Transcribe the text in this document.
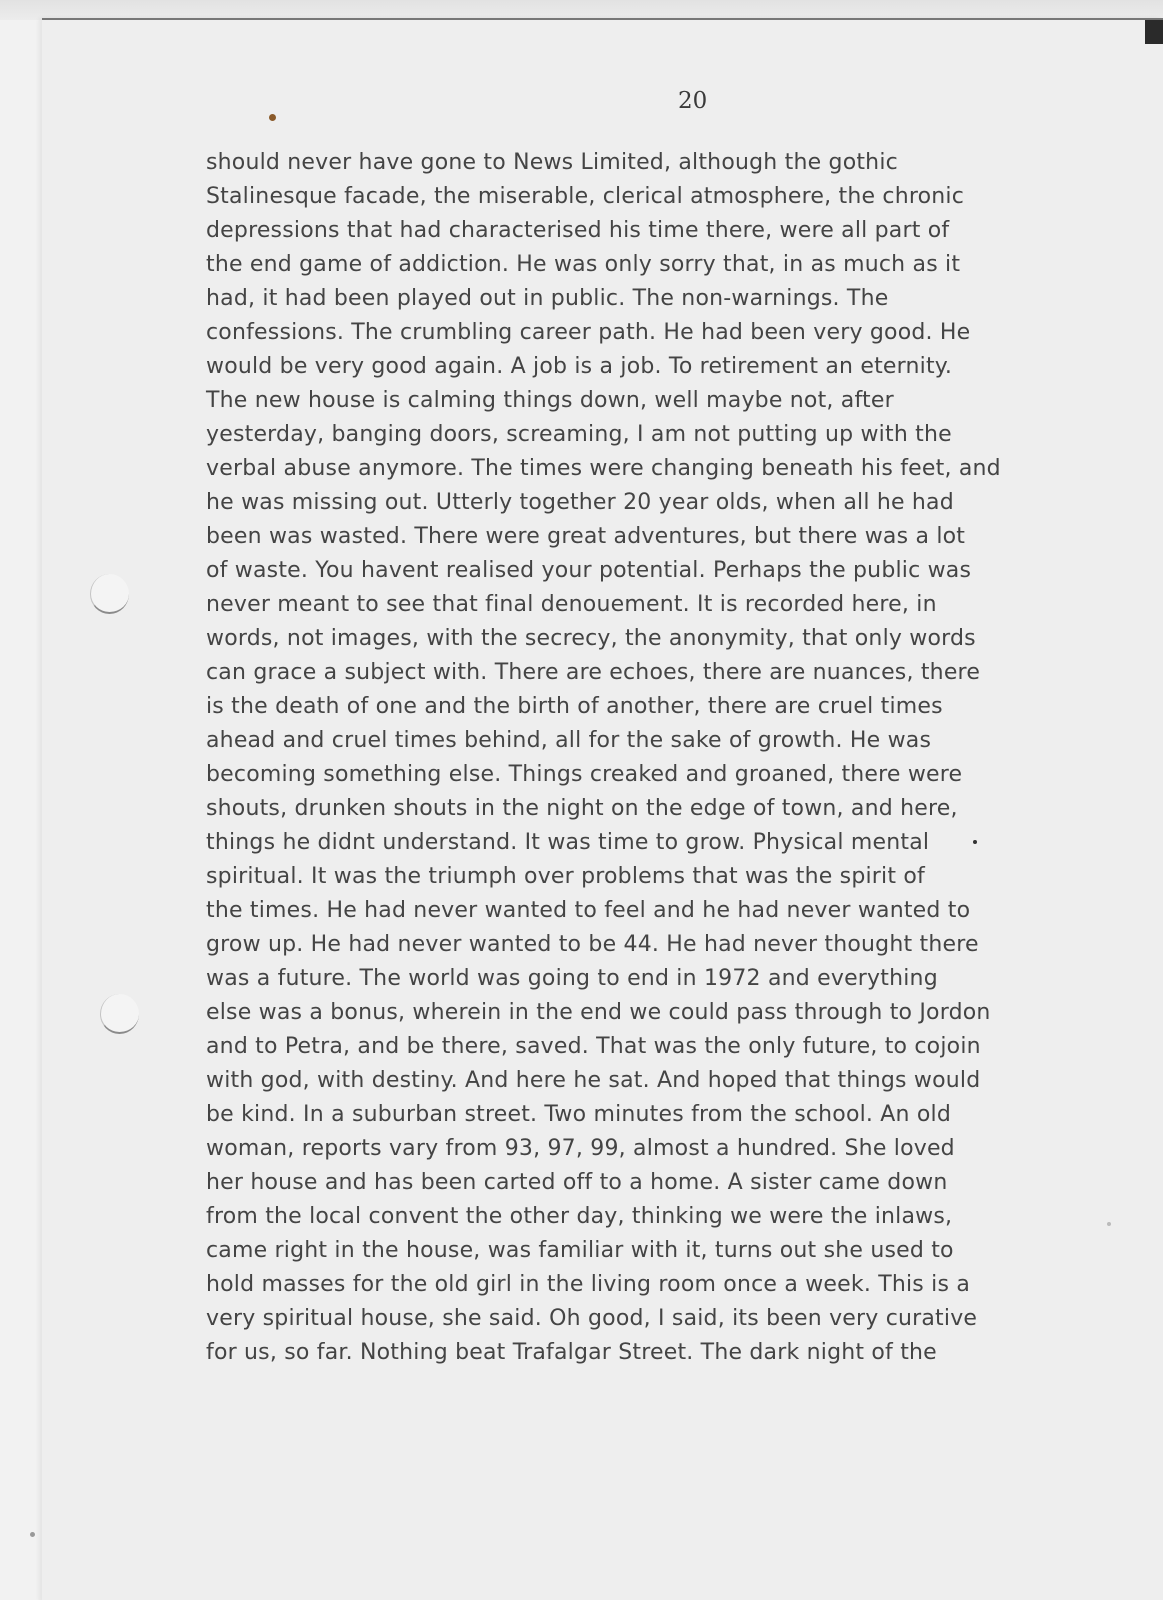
20
should never have gone to News Limited, although the gothic
Stalinesque facade, the miserable, clerical atmosphere, the chronic
depressions that had characterised his time there, were all part of
the end game of addiction. He was only sorry that, in as much as it
had, it had been played out in public. The non-warnings. The
confessions. The crumbling career path. He had been very good. He
would be very good again. A job is a job. To retirement an eternity.
The new house is calming things down, well maybe not, after
yesterday, banging doors, screaming, I am not putting up with the
verbal abuse anymore. The times were changing beneath his feet, and
he was missing out. Utterly together 20 year olds, when all he had
been was wasted. There were great adventures, but there was a lot
of waste. You havent realised your potential. Perhaps the public was
never meant to see that final denouement. It is recorded here, in
words, not images, with the secrecy, the anonymity, that only words
can grace a subject with. There are echoes, there are nuances, there
is the death of one and the birth of another, there are cruel times
ahead and cruel times behind, all for the sake of growth. He was
becoming something else. Things creaked and groaned, there were
shouts, drunken shouts in the night on the edge of town, and here,
things he didnt understand. It was time to grow. Physical mental
spiritual. It was the triumph over problems that was the spirit of
the times. He had never wanted to feel and he had never wanted to
grow up. He had never wanted to be 44. He had never thought there
was a future. The world was going to end in 1972 and everything
else was a bonus, wherein in the end we could pass through to Jordon
and to Petra, and be there, saved. That was the only future, to cojoin
with god, with destiny. And here he sat. And hoped that things would
be kind. In a suburban street. Two minutes from the school. An old
woman, reports vary from 93, 97, 99, almost a hundred. She loved
her house and has been carted off to a home. A sister came down
from the local convent the other day, thinking we were the inlaws,
came right in the house, was familiar with it, turns out she used to
hold masses for the old girl in the living room once a week. This is a
very spiritual house, she said. Oh good, I said, its been very curative
for us, so far. Nothing beat Trafalgar Street. The dark night of the
